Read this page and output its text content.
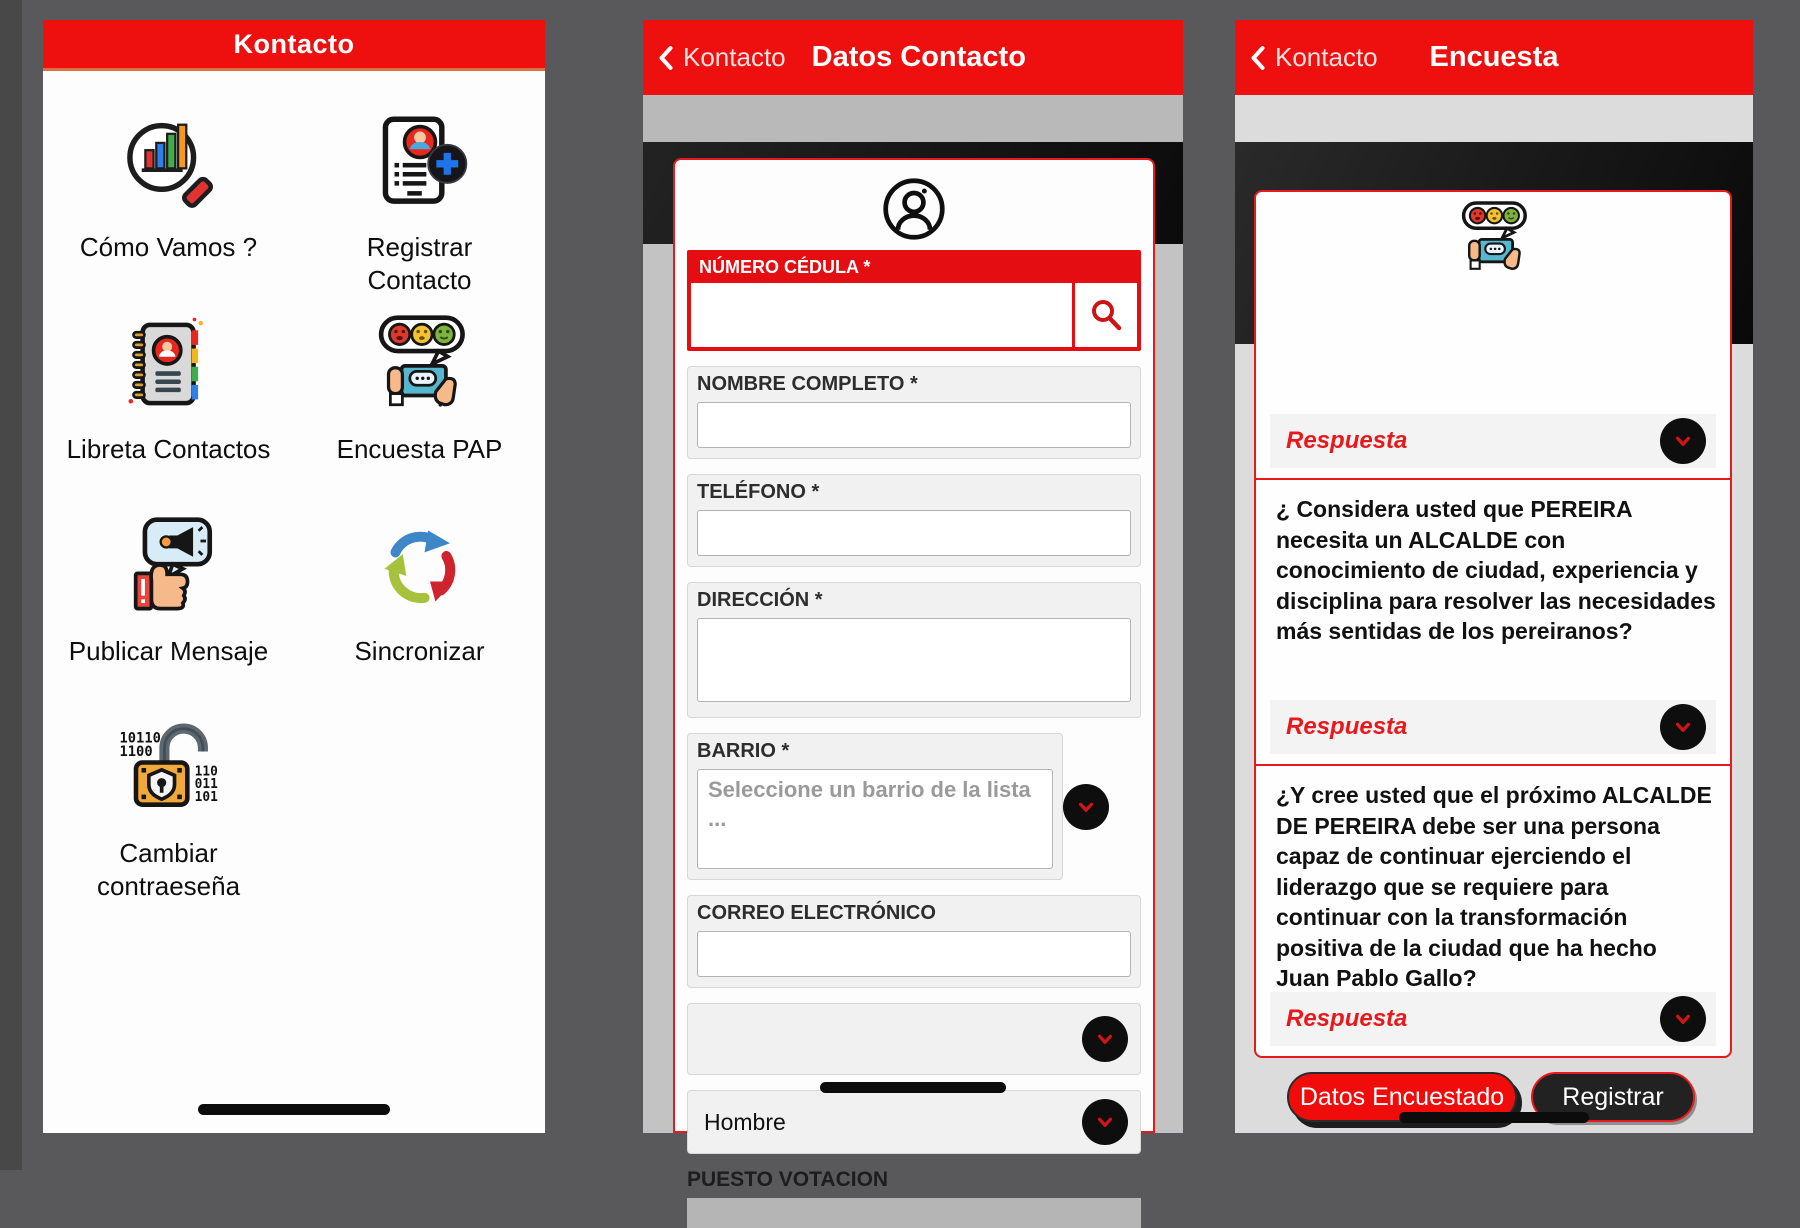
Kontacto
Cómo Vamos ?	Registrar Contacto
Libreta Contactos	Encuesta PAP
Publicar Mensaje	Sincronizar
10110
1100
110
011
101
Cambiar contraeseña
Kontacto Datos Contacto
NÚMERO CÉDULA *
NOMBRE COMPLETO *
TELÉFONO *
DIRECCIÓN *
BARRIO *
Seleccione un barrio de la lista ...
CORREO ELECTRÓNICO
Hombre
PUESTO VOTACION
Kontacto Encuesta
Respuesta
¿ Considera usted que PEREIRA necesita un ALCALDE con conocimiento de ciudad, experiencia y disciplina para resolver las necesidades más sentidas de los pereiranos?
Respuesta
¿Y cree usted que el próximo ALCALDE DE PEREIRA debe ser una persona capaz de continuar ejerciendo el liderazgo que se requiere para continuar con la transformación positiva de la ciudad que ha hecho Juan Pablo Gallo?
Respuesta
Datos Encuestado	Registrar
